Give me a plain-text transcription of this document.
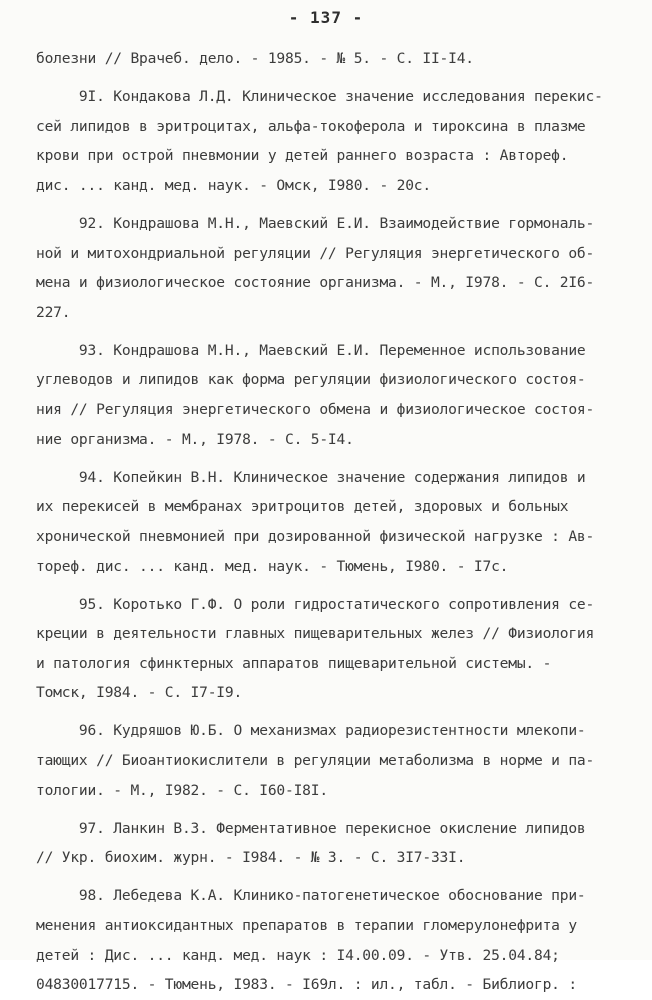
- 137 -
болезни // Врачеб. дело. - 1985. - № 5. - С. II-I4.
9I. Кондакова Л.Д. Клиническое значение исследования перекис-
сей липидов в эритроцитах, альфа-токоферола и тироксина в плазме
крови при острой пневмонии у детей раннего возраста : Автореф.
дис. ... канд. мед. наук. - Омск, I980. - 20с.
92. Кондрашова М.Н., Маевский Е.И. Взаимодействие гормональ-
ной и митохондриальной регуляции // Регуляция энергетического об-
мена и физиологическое состояние организма. - М., I978. - С. 2I6-
227.
93. Кондрашова М.Н., Маевский Е.И. Переменное использование
углеводов и липидов как форма регуляции физиологического состоя-
ния // Регуляция энергетического обмена и физиологическое состоя-
ние организма. - М., I978. - С. 5-I4.
94. Копейкин В.Н. Клиническое значение содержания липидов и
их перекисей в мембранах эритроцитов детей, здоровых и больных
хронической пневмонией при дозированной физической нагрузке : Ав-
тореф. дис. ... канд. мед. наук. - Тюмень, I980. - I7с.
95. Коротько Г.Ф. О роли гидростатического сопротивления се-
креции в деятельности главных пищеварительных желез // Физиология
и патология сфинктерных аппаратов пищеварительной системы. -
Томск, I984. - С. I7-I9.
96. Кудряшов Ю.Б. О механизмах радиорезистентности млекопи-
тающих // Биоантиокислители в регуляции метаболизма в норме и па-
тологии. - М., I982. - С. I60-I8I.
97. Ланкин В.З. Ферментативное перекисное окисление липидов
// Укр. биохим. журн. - I984. - № 3. - С. 3I7-33I.
98. Лебедева К.А. Клинико-патогенетическое обоснование при-
менения антиоксидантных препаратов в терапии гломерулонефрита у
детей : Дис. ... канд. мед. наук : I4.00.09. - Утв. 25.04.84;
04830017715. - Тюмень, I983. - I69л. : ил., табл. - Библиогр. :
